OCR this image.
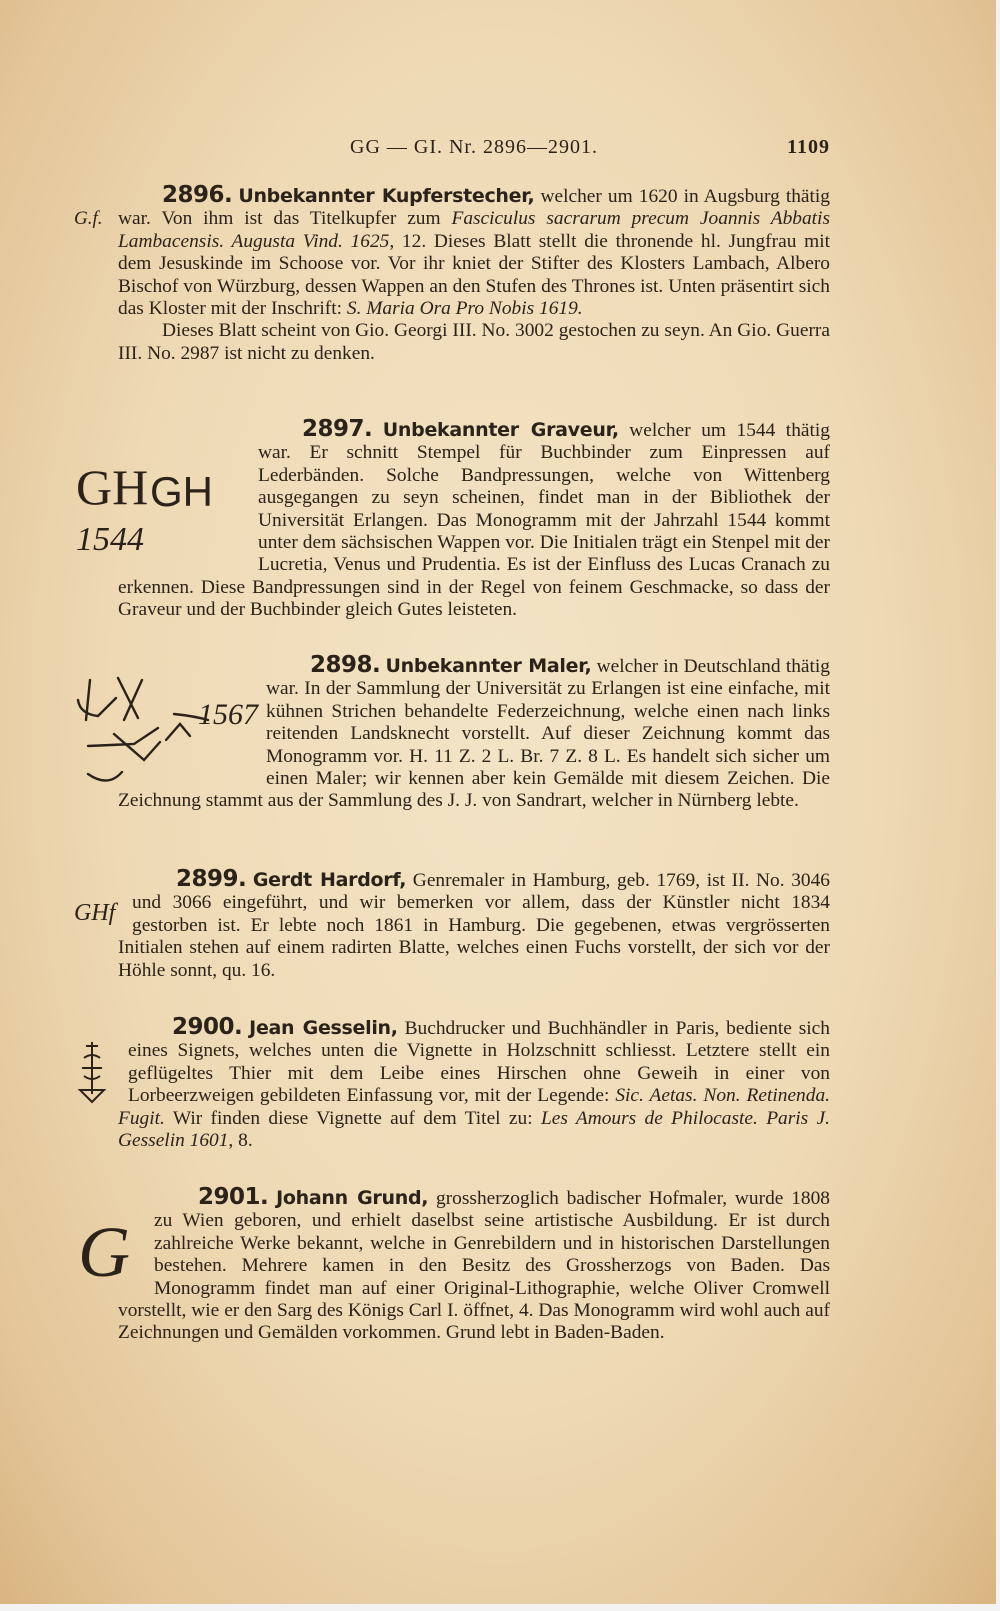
GG — GI. Nr. 2896—2901.	1109

G.f.
2896. Unbekannter Kupferstecher, welcher um 1620 in Augsburg thätig war. Von ihm ist das Titelkupfer zum Fasciculus sacrarum precum Joannis Abbatis Lambacensis. Augusta Vind. 1625, 12. Dieses Blatt stellt die thronende hl. Jungfrau mit dem Jesuskinde im Schoose vor. Vor ihr kniet der Stifter des Klosters Lambach, Albero Bischof von Würzburg, dessen Wappen an den Stufen des Thrones ist. Unten präsentirt sich das Kloster mit der Inschrift: S. Maria Ora Pro Nobis 1619.

Dieses Blatt scheint von Gio. Georgi III. No. 3002 gestochen zu seyn. An Gio. Guerra III. No. 2987 ist nicht zu denken.

GH GH
1544
2897. Unbekannter Graveur, welcher um 1544 thätig war. Er schnitt Stempel für Buchbinder zum Einpressen auf Lederbänden. Solche Bandpressungen, welche von Wittenberg ausgegangen zu seyn scheinen, findet man in der Bibliothek der Universität Erlangen. Das Monogramm mit der Jahrzahl 1544 kommt unter dem sächsischen Wappen vor. Die Initialen trägt ein Stenpel mit der Lucretia, Venus und Prudentia. Es ist der Einfluss des Lucas Cranach zu erkennen. Diese Bandpressungen sind in der Regel von feinem Geschmacke, so dass der Graveur und der Buchbinder gleich Gutes leisteten.

1567
2898. Unbekannter Maler, welcher in Deutschland thätig war. In der Sammlung der Universität zu Erlangen ist eine einfache, mit kühnen Strichen behandelte Federzeichnung, welche einen nach links reitenden Landsknecht vorstellt. Auf dieser Zeichnung kommt das Monogramm vor. H. 11 Z. 2 L. Br. 7 Z. 8 L. Es handelt sich sicher um einen Maler; wir kennen aber kein Gemälde mit diesem Zeichen. Die Zeichnung stammt aus der Sammlung des J. J. von Sandrart, welcher in Nürnberg lebte.

GHf
2899. Gerdt Hardorf, Genremaler in Hamburg, geb. 1769, ist II. No. 3046 und 3066 eingeführt, und wir bemerken vor allem, dass der Künstler nicht 1834 gestorben ist. Er lebte noch 1861 in Hamburg. Die gegebenen, etwas vergrösserten Initialen stehen auf einem radirten Blatte, welches einen Fuchs vorstellt, der sich vor der Höhle sonnt, qu. 16.

2900. Jean Gesselin, Buchdrucker und Buchhändler in Paris, bediente sich eines Signets, welches unten die Vignette in Holzschnitt schliesst. Letztere stellt ein geflügeltes Thier mit dem Leibe eines Hirschen ohne Geweih in einer von Lorbeerzweigen gebildeten Einfassung vor, mit der Legende: Sic. Aetas. Non. Retinenda. Fugit. Wir finden diese Vignette auf dem Titel zu: Les Amours de Philocaste. Paris J. Gesselin 1601, 8.

G
2901. Johann Grund, grossherzoglich badischer Hofmaler, wurde 1808 zu Wien geboren, und erhielt daselbst seine artistische Ausbildung. Er ist durch zahlreiche Werke bekannt, welche in Genrebildern und in historischen Darstellungen bestehen. Mehrere kamen in den Besitz des Grossherzogs von Baden. Das Monogramm findet man auf einer Original-Lithographie, welche Oliver Cromwell vorstellt, wie er den Sarg des Königs Carl I. öffnet, 4. Das Monogramm wird wohl auch auf Zeichnungen und Gemälden vorkommen. Grund lebt in Baden-Baden.
